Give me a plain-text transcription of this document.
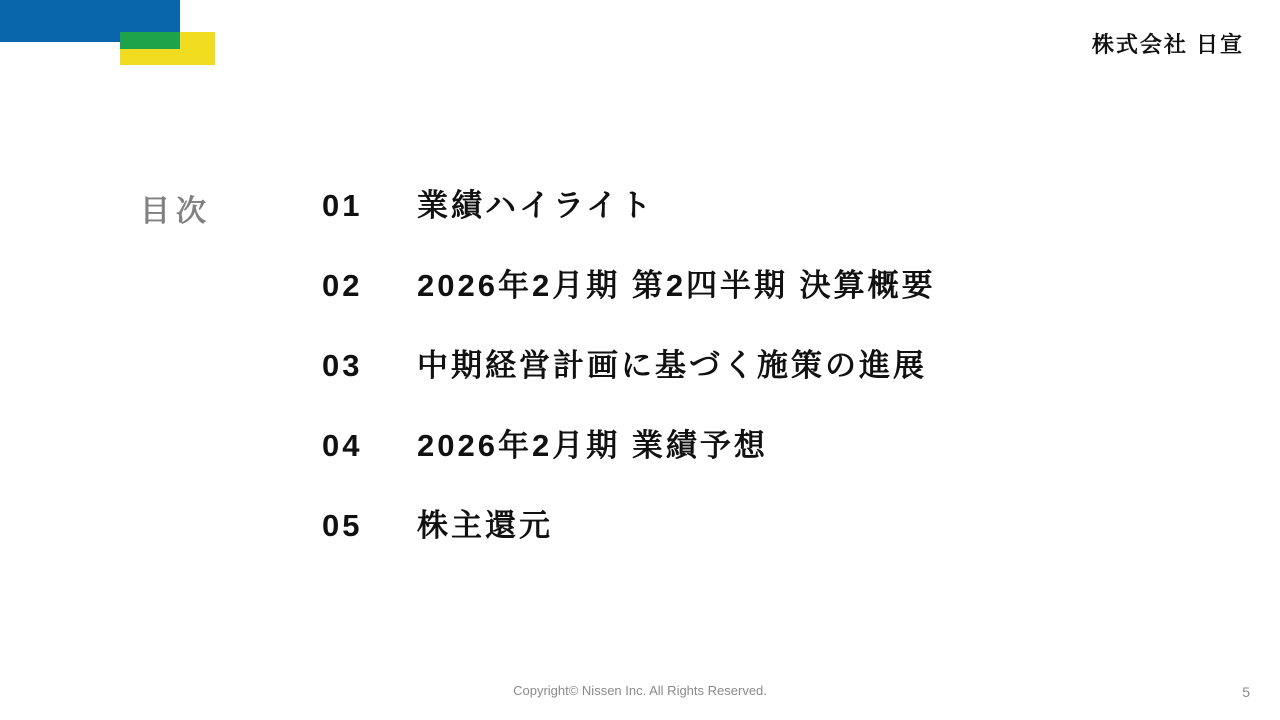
株式会社 日宣
目次	01	業績ハイライト
02	2026年2月期 第2四半期 決算概要
03	中期経営計画に基づく施策の進展
04	2026年2月期 業績予想
05	株主還元
Copyright© Nissen Inc. All Rights Reserved.	5
